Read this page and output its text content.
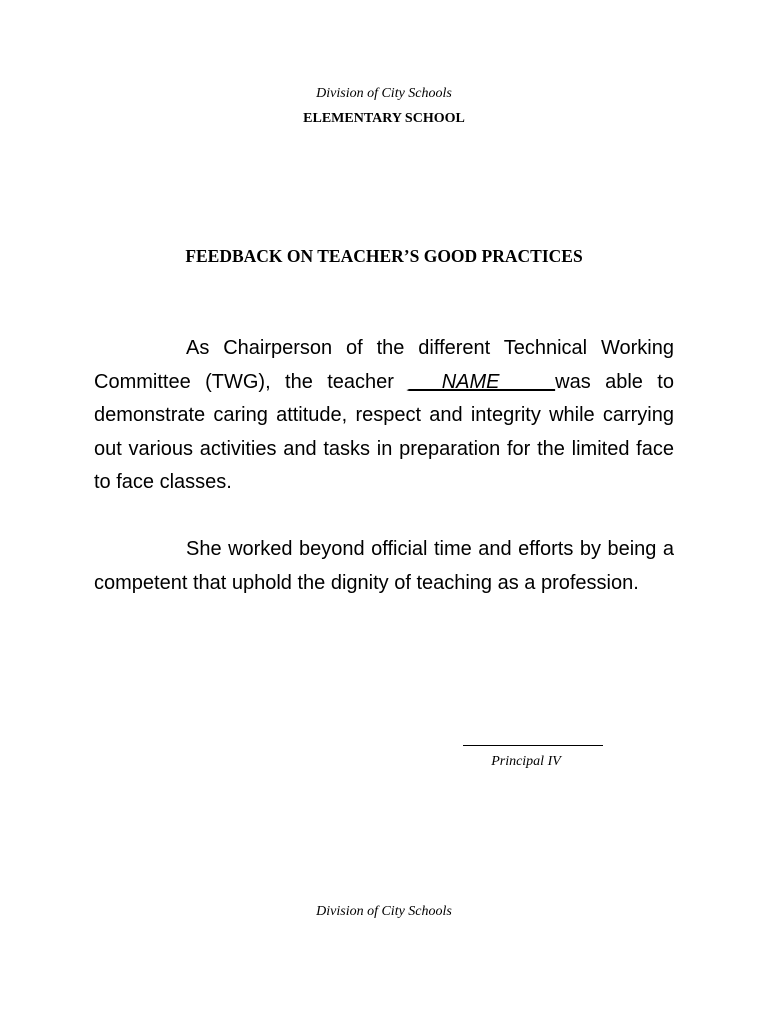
Division of City Schools
ELEMENTARY SCHOOL
FEEDBACK ON TEACHER’S GOOD PRACTICES
As Chairperson of the different Technical Working Committee (TWG), the teacher ___NAME_____was able to demonstrate caring attitude, respect and integrity while carrying out various activities and tasks in preparation for the limited face to face classes.
She worked beyond official time and efforts by being a competent that uphold the dignity of teaching as a profession.
Principal IV
Division of City Schools
